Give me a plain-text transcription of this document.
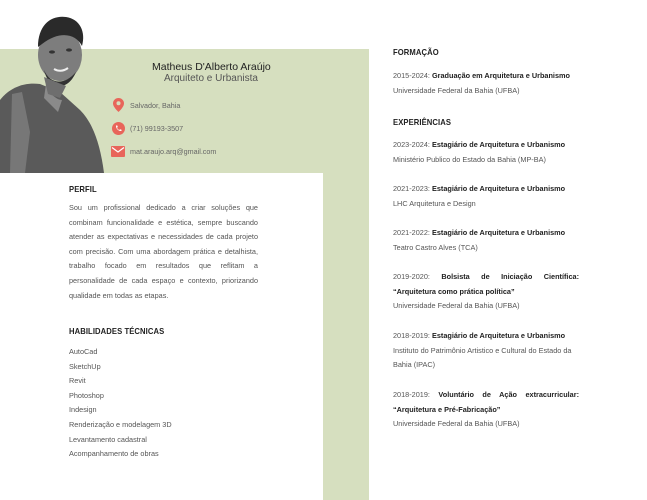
Matheus D'Alberto Araújo
Arquiteto e Urbanista
Salvador, Bahia
(71) 99193-3507
mat.araujo.arq@gmail.com
PERFIL

Sou um profissional dedicado a criar soluções que combinam funcionalidade e estética, sempre buscando atender as expectativas e necessidades de cada projeto com precisão. Com uma abordagem prática e detalhista, trabalho focado em resultados que reflitam a personalidade de cada espaço e contexto, priorizando qualidade em todas as etapas.

HABILIDADES TÉCNICAS
AutoCad
SketchUp
Revit
Photoshop
Indesign
Renderização e modelagem 3D
Levantamento cadastral
Acompanhamento de obras
FORMAÇÃO
2015-2024: Graduação em Arquitetura e Urbanismo
Universidade Federal da Bahia (UFBA)
EXPERIÊNCIAS
2023-2024: Estagiário de Arquitetura e Urbanismo
Ministério Publico do Estado da Bahia (MP-BA)
2021-2023: Estagiário de Arquitetura e Urbanismo
LHC Arquitetura e Design
2021-2022: Estagiário de Arquitetura e Urbanismo
Teatro Castro Alves (TCA)
2019-2020: Bolsista de Iniciação Científica: “Arquitetura como prática política”
Universidade Federal da Bahia (UFBA)
2018-2019: Estagiário de Arquitetura e Urbanismo
Instituto do Patrimônio Artistico e Cultural do Estado da Bahia (IPAC)
2018-2019: Voluntário de Ação extracurricular: “Arquitetura e Pré-Fabricação”
Universidade Federal da Bahia (UFBA)
